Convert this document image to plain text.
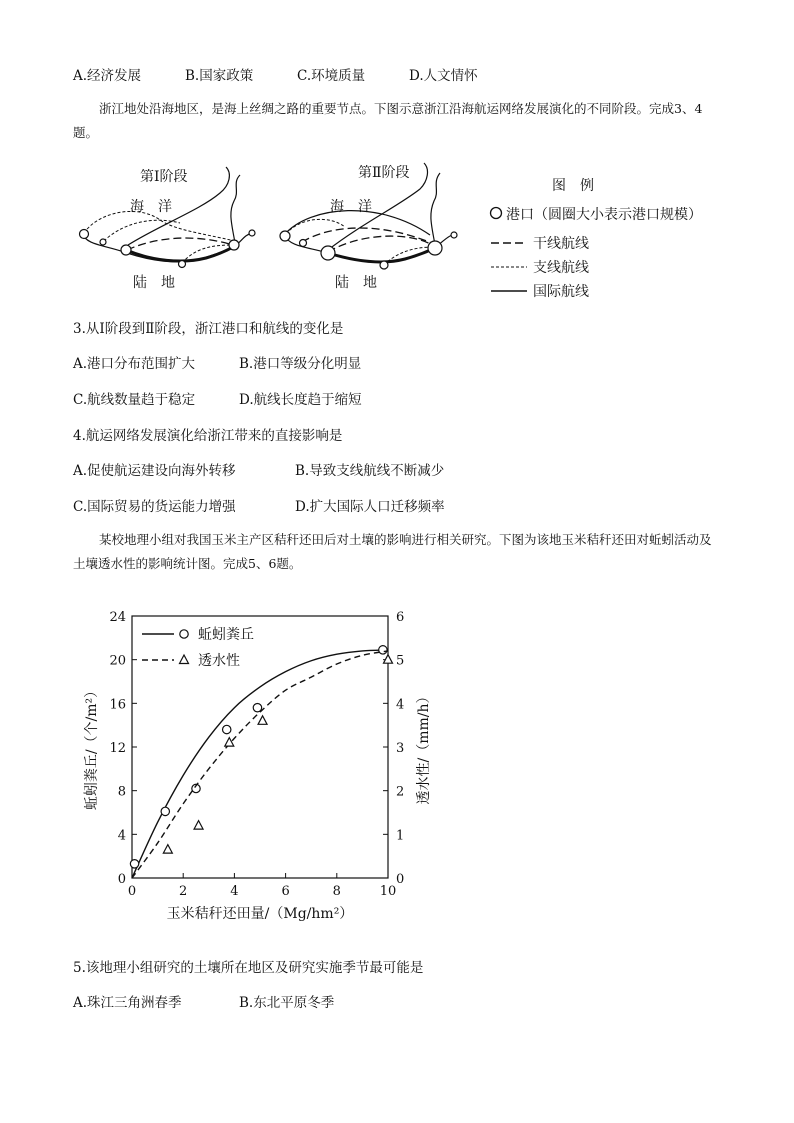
A.经济发展	B.国家政策	C.环境质量	D.人文情怀
浙江地处沿海地区，是海上丝绸之路的重要节点。下图示意浙江沿海航运网络发展演化的不同阶段。完成3、4题。
第Ⅰ阶段
海　洋
陆　地
第Ⅱ阶段
海　洋
陆　地
图　例
港口（圆圈大小表示港口规模）
干线航线
支线航线
国际航线
3.从Ⅰ阶段到Ⅱ阶段，浙江港口和航线的变化是
A.港口分布范围扩大	B.港口等级分化明显
C.航线数量趋于稳定	D.航线长度趋于缩短
4.航运网络发展演化给浙江带来的直接影响是
A.促使航运建设向海外转移	B.导致支线航线不断减少
C.国际贸易的货运能力增强	D.扩大国际人口迁移频率
某校地理小组对我国玉米主产区秸秆还田后对土壤的影响进行相关研究。下图为该地玉米秸秆还田对蚯蚓活动及土壤透水性的影响统计图。完成5、6题。
0
4
8
12
16
20
24
0
1
2
3
4
5
6
0	2	4	6	8	10
玉米秸秆还田量/（Mg/hm²）
蚯蚓粪丘/（个/m²）	透水性/（mm/h）
蚯蚓粪丘
透水性
5.该地理小组研究的土壤所在地区及研究实施季节最可能是
A.珠江三角洲春季	B.东北平原冬季
